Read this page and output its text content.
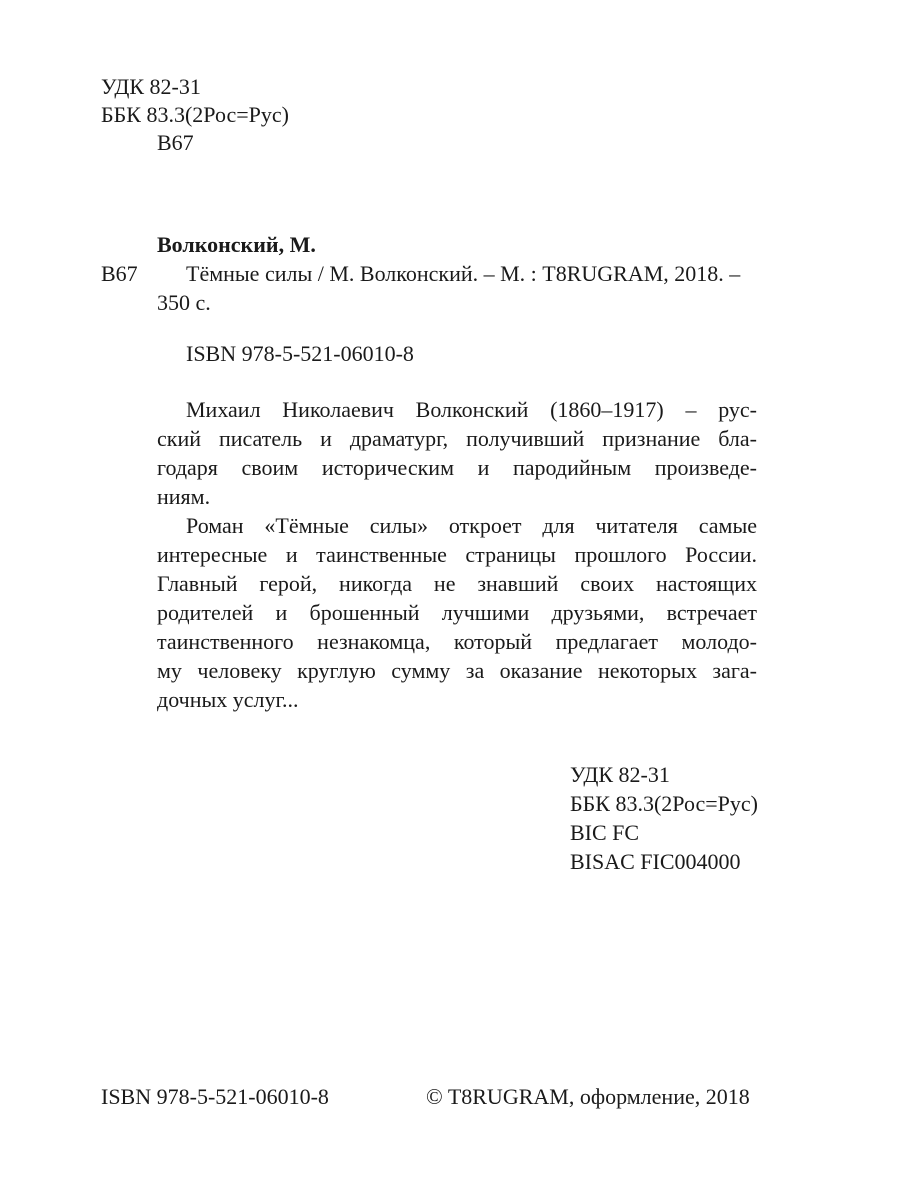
УДК 82-31
ББК 83.3(2Рос=Рус)
В67
Волконский, М.
В67 Тёмные силы / М. Волконский. – М. : T8RUGRAM, 2018. –
350 с.
ISBN 978-5-521-06010-8
Михаил Николаевич Волконский (1860–1917) – рус-
ский писатель и драматург, получивший признание бла-
годаря своим историческим и пародийным произведе-
ниям.
Роман «Тёмные силы» откроет для читателя самые
интересные и таинственные страницы прошлого России.
Главный герой, никогда не знавший своих настоящих
родителей и брошенный лучшими друзьями, встречает
таинственного незнакомца, который предлагает молодо-
му человеку круглую сумму за оказание некоторых зага-
дочных услуг...
УДК 82-31
ББК 83.3(2Рос=Рус)
BIC FC
BISAC FIC004000
ISBN 978-5-521-06010-8	© T8RUGRAM, оформление, 2018
